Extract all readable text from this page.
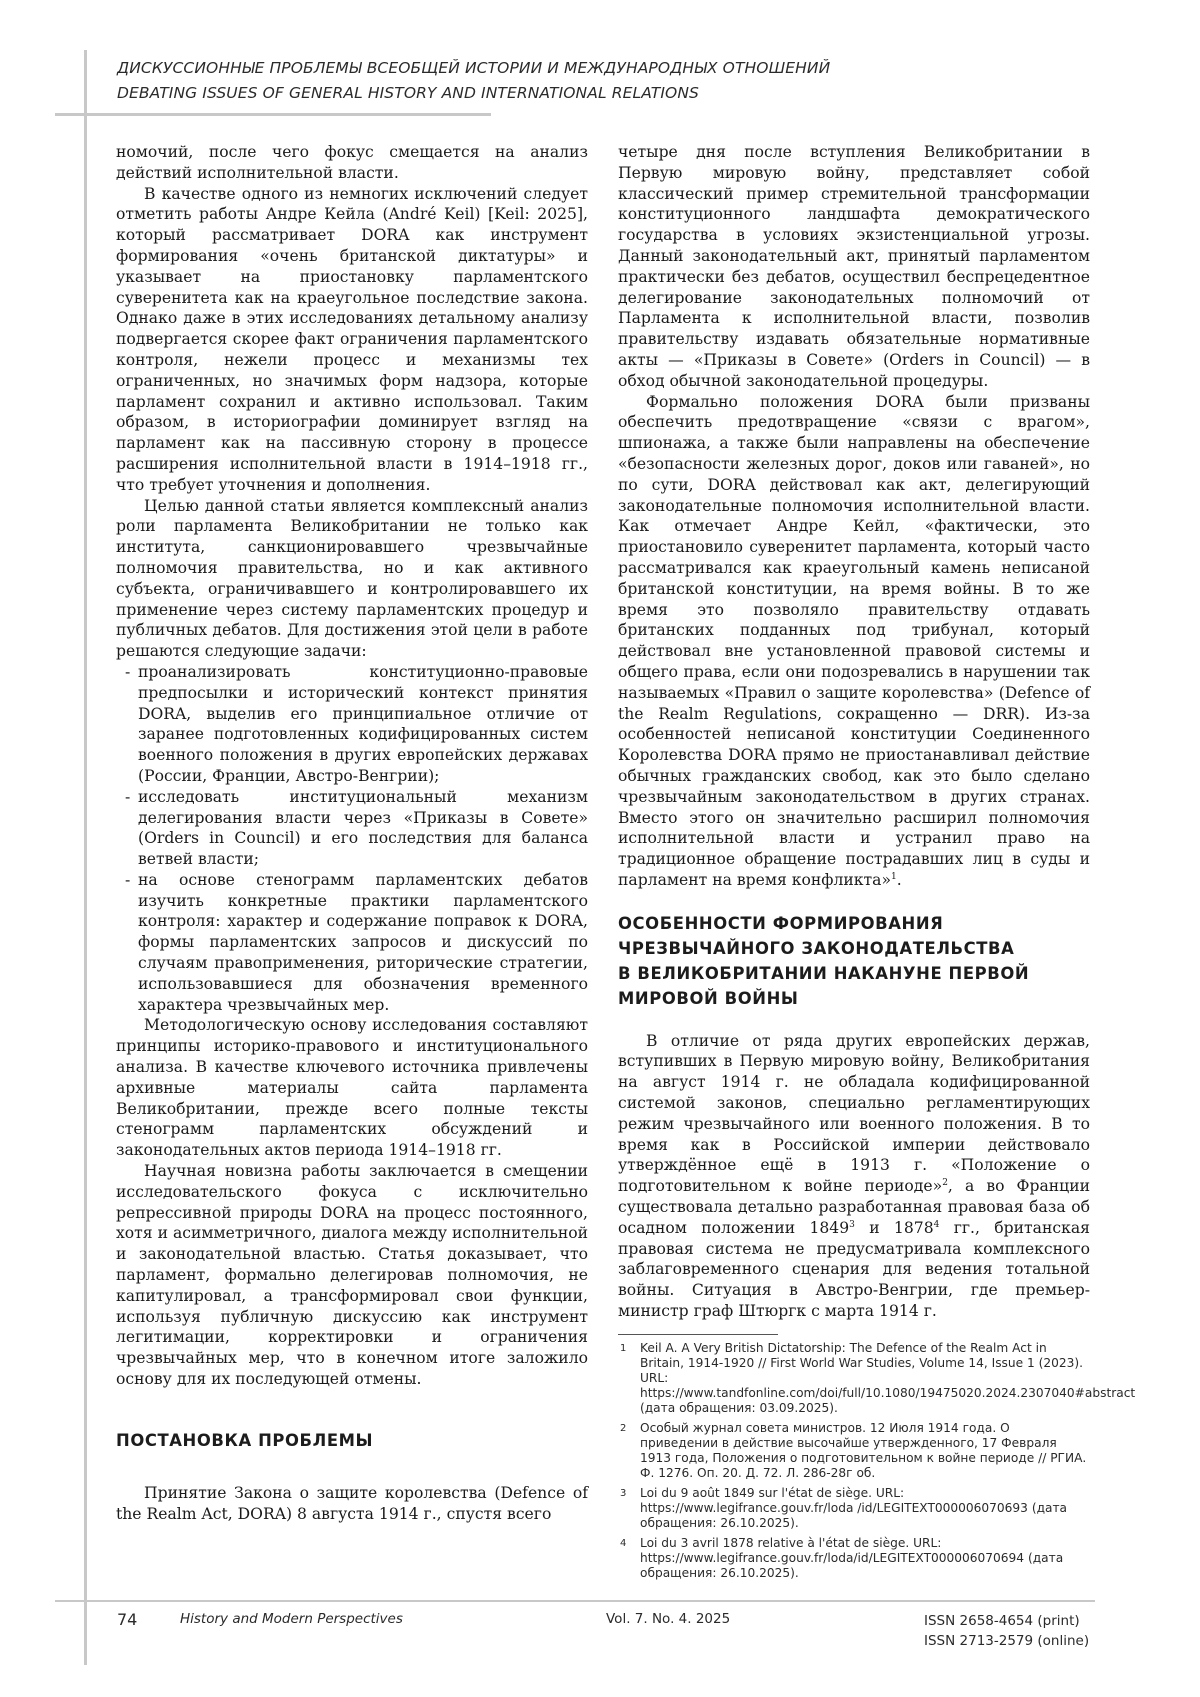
ДИСКУССИОННЫЕ ПРОБЛЕМЫ ВСЕОБЩЕЙ ИСТОРИИ И МЕЖДУНАРОДНЫХ ОТНОШЕНИЙ
DEBATING ISSUES OF GENERAL HISTORY AND INTERNATIONAL RELATIONS

номочий, после чего фокус смещается на анализ действий исполнительной власти.

В качестве одного из немногих исключений следует отметить работы Андре Кейла (André Keil) [Keil: 2025], который рассматривает DORA как инструмент формирования «очень британской диктатуры» и указывает на приостановку парламентского суверенитета как на краеугольное последствие закона. Однако даже в этих исследованиях детальному анализу подвергается скорее факт ограничения парламентского контроля, нежели процесс и механизмы тех ограниченных, но значимых форм надзора, которые парламент сохранил и активно использовал. Таким образом, в историографии доминирует взгляд на парламент как на пассивную сторону в процессе расширения исполнительной власти в 1914–1918 гг., что требует уточнения и дополнения.

Целью данной статьи является комплексный анализ роли парламента Великобритании не только как института, санкционировавшего чрезвычайные полномочия правительства, но и как активного субъекта, ограничивавшего и контролировавшего их применение через систему парламентских процедур и публичных дебатов. Для достижения этой цели в работе решаются следующие задачи:

- проанализировать конституционно-правовые предпосылки и исторический контекст принятия DORA, выделив его принципиальное отличие от заранее подготовленных кодифицированных систем военного положения в других европейских державах (России, Франции, Австро-Венгрии);
- исследовать институциональный механизм делегирования власти через «Приказы в Совете» (Orders in Council) и его последствия для баланса ветвей власти;
- на основе стенограмм парламентских дебатов изучить конкретные практики парламентского контроля: характер и содержание поправок к DORA, формы парламентских запросов и дискуссий по случаям правоприменения, риторические стратегии, использовавшиеся для обозначения временного характера чрезвычайных мер.

Методологическую основу исследования составляют принципы историко-правового и институционального анализа. В качестве ключевого источника привлечены архивные материалы сайта парламента Великобритании, прежде всего полные тексты стенограмм парламентских обсуждений и законодательных актов периода 1914–1918 гг.

Научная новизна работы заключается в смещении исследовательского фокуса с исключительно репрессивной природы DORA на процесс постоянного, хотя и асимметричного, диалога между исполнительной и законодательной властью. Статья доказывает, что парламент, формально делегировав полномочия, не капитулировал, а трансформировал свои функции, используя публичную дискуссию как инструмент легитимации, корректировки и ограничения чрезвычайных мер, что в конечном итоге заложило основу для их последующей отмены.

ПОСТАНОВКА ПРОБЛЕМЫ

Принятие Закона о защите королевства (Defence of the Realm Act, DORA) 8 августа 1914 г., спустя всего

четыре дня после вступления Великобритании в Первую мировую войну, представляет собой классический пример стремительной трансформации конституционного ландшафта демократического государства в условиях экзистенциальной угрозы. Данный законодательный акт, принятый парламентом практически без дебатов, осуществил беспрецедентное делегирование законодательных полномочий от Парламента к исполнительной власти, позволив правительству издавать обязательные нормативные акты — «Приказы в Совете» (Orders in Council) — в обход обычной законодательной процедуры.

Формально положения DORA были призваны обеспечить предотвращение «связи с врагом», шпионажа, а также были направлены на обеспечение «безопасности железных дорог, доков или гаваней», но по сути, DORA действовал как акт, делегирующий законодательные полномочия исполнительной власти. Как отмечает Андре Кейл, «фактически, это приостановило суверенитет парламента, который часто рассматривался как краеугольный камень неписаной британской конституции, на время войны. В то же время это позволяло правительству отдавать британских подданных под трибунал, который действовал вне установленной правовой системы и общего права, если они подозревались в нарушении так называемых «Правил о защите королевства» (Defence of the Realm Regulations, сокращенно — DRR). Из-за особенностей неписаной конституции Соединенного Королевства DORA прямо не приостанавливал действие обычных гражданских свобод, как это было сделано чрезвычайным законодательством в других странах. Вместо этого он значительно расширил полномочия исполнительной власти и устранил право на традиционное обращение пострадавших лиц в суды и парламент на время конфликта»$^1$.

ОСОБЕННОСТИ ФОРМИРОВАНИЯ
ЧРЕЗВЫЧАЙНОГО ЗАКОНОДАТЕЛЬСТВА
В ВЕЛИКОБРИТАНИИ НАКАНУНЕ ПЕРВОЙ
МИРОВОЙ ВОЙНЫ

В отличие от ряда других европейских держав, вступивших в Первую мировую войну, Великобритания на август 1914 г. не обладала кодифицированной системой законов, специально регламентирующих режим чрезвычайного или военного положения. В то время как в Российской империи действовало утверждённое ещё в 1913 г. «Положение о подготовительном к войне периоде»$^2$, а во Франции существовала детально разработанная правовая база об осадном положении 1849$^3$ и 1878$^4$ гг., британская правовая система не предусматривала комплексного заблаговременного сценария для ведения тотальной войны. Ситуация в Австро-Венгрии, где премьер-министр граф Штюргк с марта 1914 г.

1 Keil A. A Very British Dictatorship: The Defence of the Realm Act in Britain, 1914-1920 // First World War Studies, Volume 14, Issue 1 (2023). URL: https://www.tandfonline.com/doi/full/10.1080/19475020.2024.2307040#abstract (дата обращения: 03.09.2025).
2 Особый журнал совета министров. 12 Июля 1914 года. О приведении в действие высочайше утвержденного, 17 Февраля 1913 года, Положения о подготовительном к войне периоде // РГИА. Ф. 1276. Оп. 20. Д. 72. Л. 286-28г об.
3 Loi du 9 août 1849 sur l'état de siège. URL: https://www.legifrance.gouv.fr/loda /id/LEGITEXT000006070693 (дата обращения: 26.10.2025).
4 Loi du 3 avril 1878 relative à l'état de siège. URL: https://www.legifrance.gouv.fr/loda/id/LEGITEXT000006070694 (дата обращения: 26.10.2025).
74	History and Modern Perspectives	Vol. 7. No. 4. 2025	ISSN 2658-4654 (print)
ISSN 2713-2579 (online)
